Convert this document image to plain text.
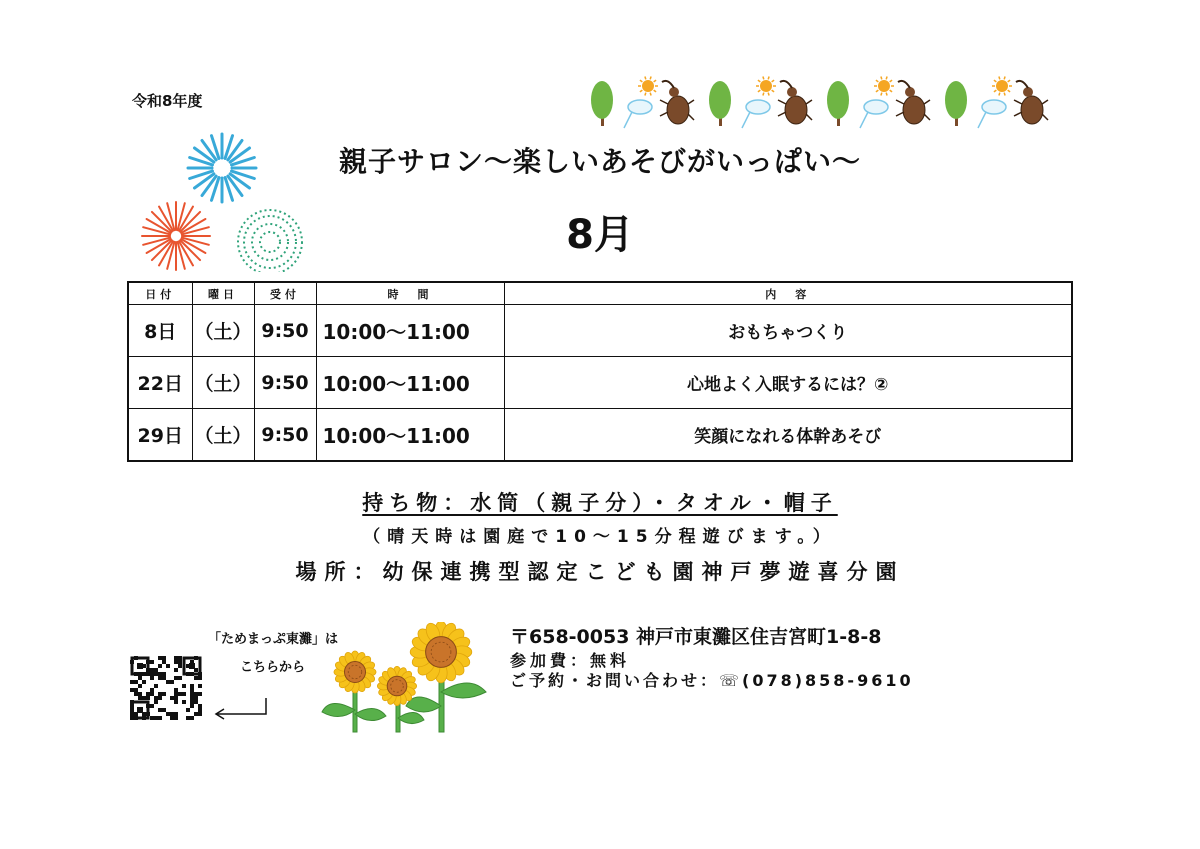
令和8年度
親子サロン～楽しいあそびがいっぱい～
8月
日付	曜日	受付	時　間	内　容
8日	（土）	9:50	10:00～11:00	おもちゃつくり
22日	（土）	9:50	10:00～11:00	心地よく入眠するには？②
29日	（土）	9:50	10:00～11:00	笑顔になれる体幹あそび
持ち物：水筒（親子分）・タオル・帽子
（晴天時は園庭で10～15分程遊びます。）
場所：幼保連携型認定こども園神戸夢遊喜分園
「ためまっぷ東灘」は
こちらから
〒658-0053 神戸市東灘区住吉宮町1-8-8
参加費：無料
ご予約・お問い合わせ：☏(078)858-9610
